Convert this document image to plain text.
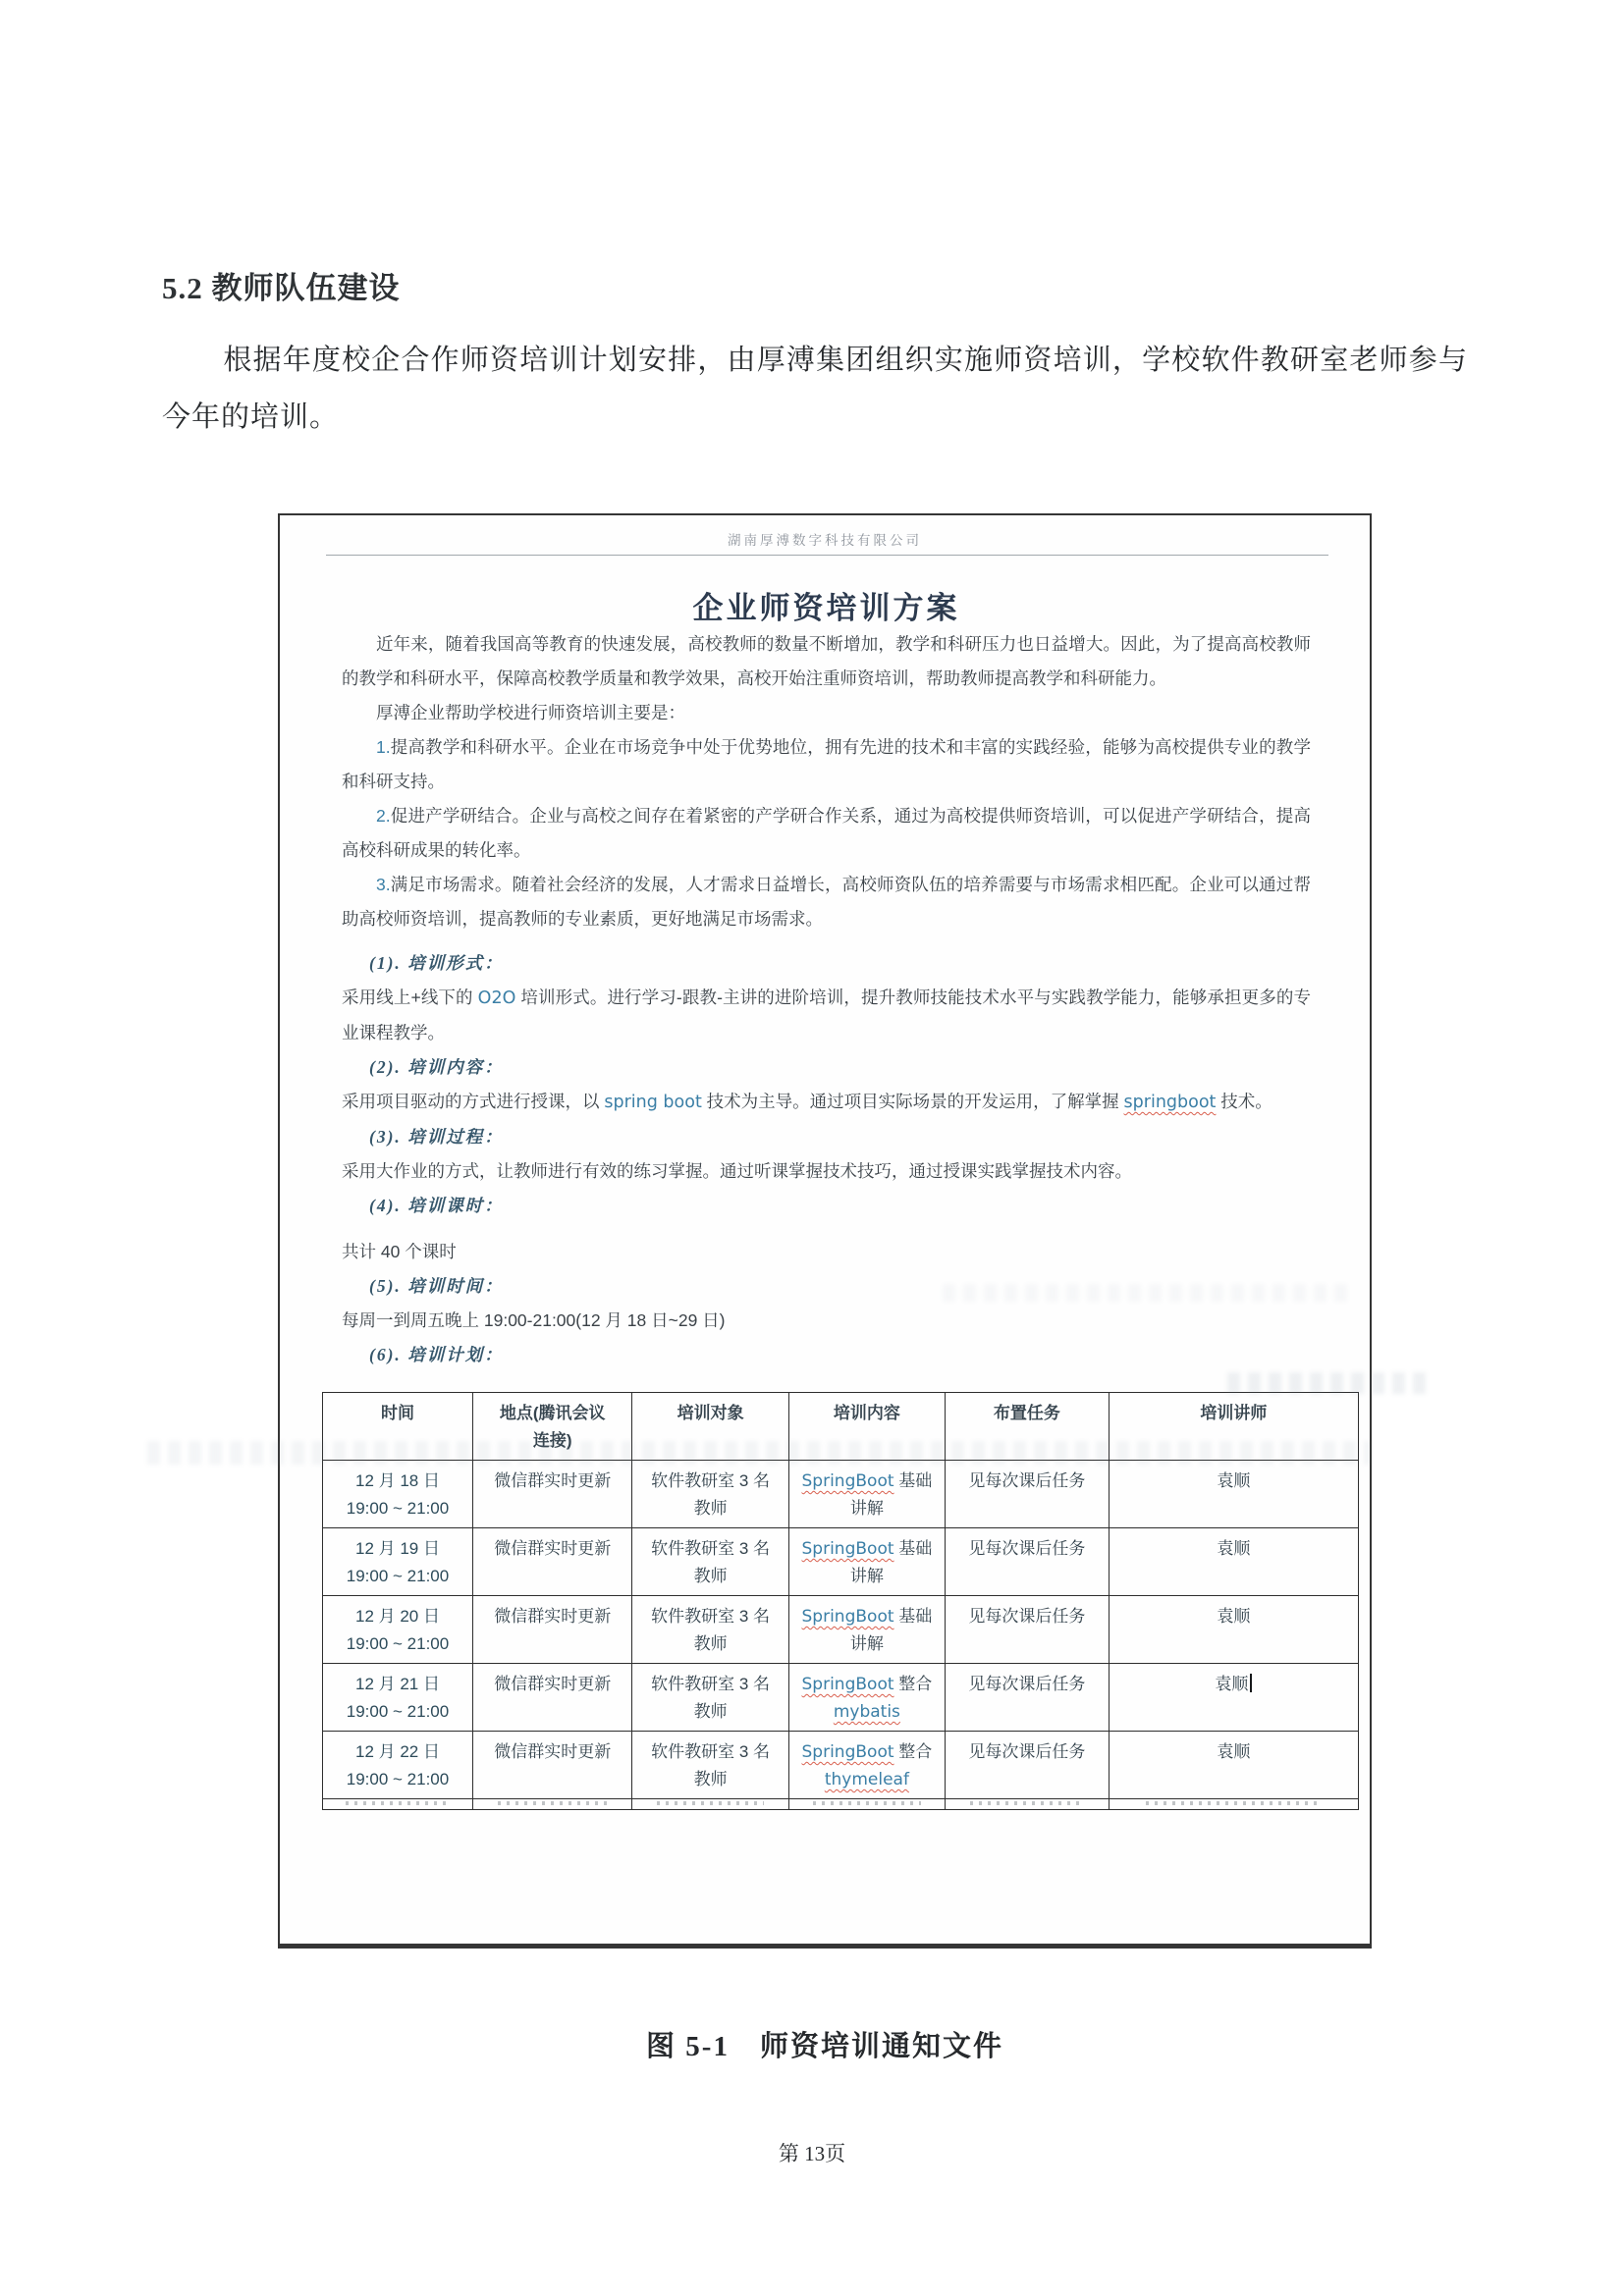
5.2 教师队伍建设
根据年度校企合作师资培训计划安排，由厚溥集团组织实施师资培训，学校软件教研室老师参与今年的培训。
湖南厚溥数字科技有限公司
企业师资培训方案

近年来，随着我国高等教育的快速发展，高校教师的数量不断增加，教学和科研压力也日益增大。因此，为了提高高校教师的教学和科研水平，保障高校教学质量和教学效果，高校开始注重师资培训，帮助教师提高教学和科研能力。

厚溥企业帮助学校进行师资培训主要是：

1.提高教学和科研水平。企业在市场竞争中处于优势地位，拥有先进的技术和丰富的实践经验，能够为高校提供专业的教学和科研支持。

2.促进产学研结合。企业与高校之间存在着紧密的产学研合作关系，通过为高校提供师资培训，可以促进产学研结合，提高高校科研成果的转化率。

3.满足市场需求。随着社会经济的发展，人才需求日益增长，高校师资队伍的培养需要与市场需求相匹配。企业可以通过帮助高校师资培训，提高教师的专业素质，更好地满足市场需求。

(1). 培训形式：

采用线上+线下的 O2O 培训形式。进行学习-跟教-主讲的进阶培训，提升教师技能技术水平与实践教学能力，能够承担更多的专业课程教学。

(2). 培训内容：

采用项目驱动的方式进行授课，以 spring boot 技术为主导。通过项目实际场景的开发运用，了解掌握 springboot 技术。

(3). 培训过程：

采用大作业的方式，让教师进行有效的练习掌握。通过听课掌握技术技巧，通过授课实践掌握技术内容。

(4). 培训课时：

共计 40 个课时

(5). 培训时间：

每周一到周五晚上 19:00-21:00(12 月 18 日~29 日)

(6). 培训计划：

时间	地点(腾讯会议
连接)	培训对象	培训内容	布置任务	培训讲师
12 月 18 日
19:00 ~ 21:00	微信群实时更新	软件教研室 3 名
教师	SpringBoot 基础
讲解	见每次课后任务	袁顺
12 月 19 日
19:00 ~ 21:00	微信群实时更新	软件教研室 3 名
教师	SpringBoot 基础
讲解	见每次课后任务	袁顺
12 月 20 日
19:00 ~ 21:00	微信群实时更新	软件教研室 3 名
教师	SpringBoot 基础
讲解	见每次课后任务	袁顺
12 月 21 日
19:00 ~ 21:00	微信群实时更新	软件教研室 3 名
教师	SpringBoot 整合
mybatis	见每次课后任务	袁顺
12 月 22 日
19:00 ~ 21:00	微信群实时更新	软件教研室 3 名
教师	SpringBoot 整合
thymeleaf	见每次课后任务	袁顺

图 5-1　师资培训通知文件
第 13页
